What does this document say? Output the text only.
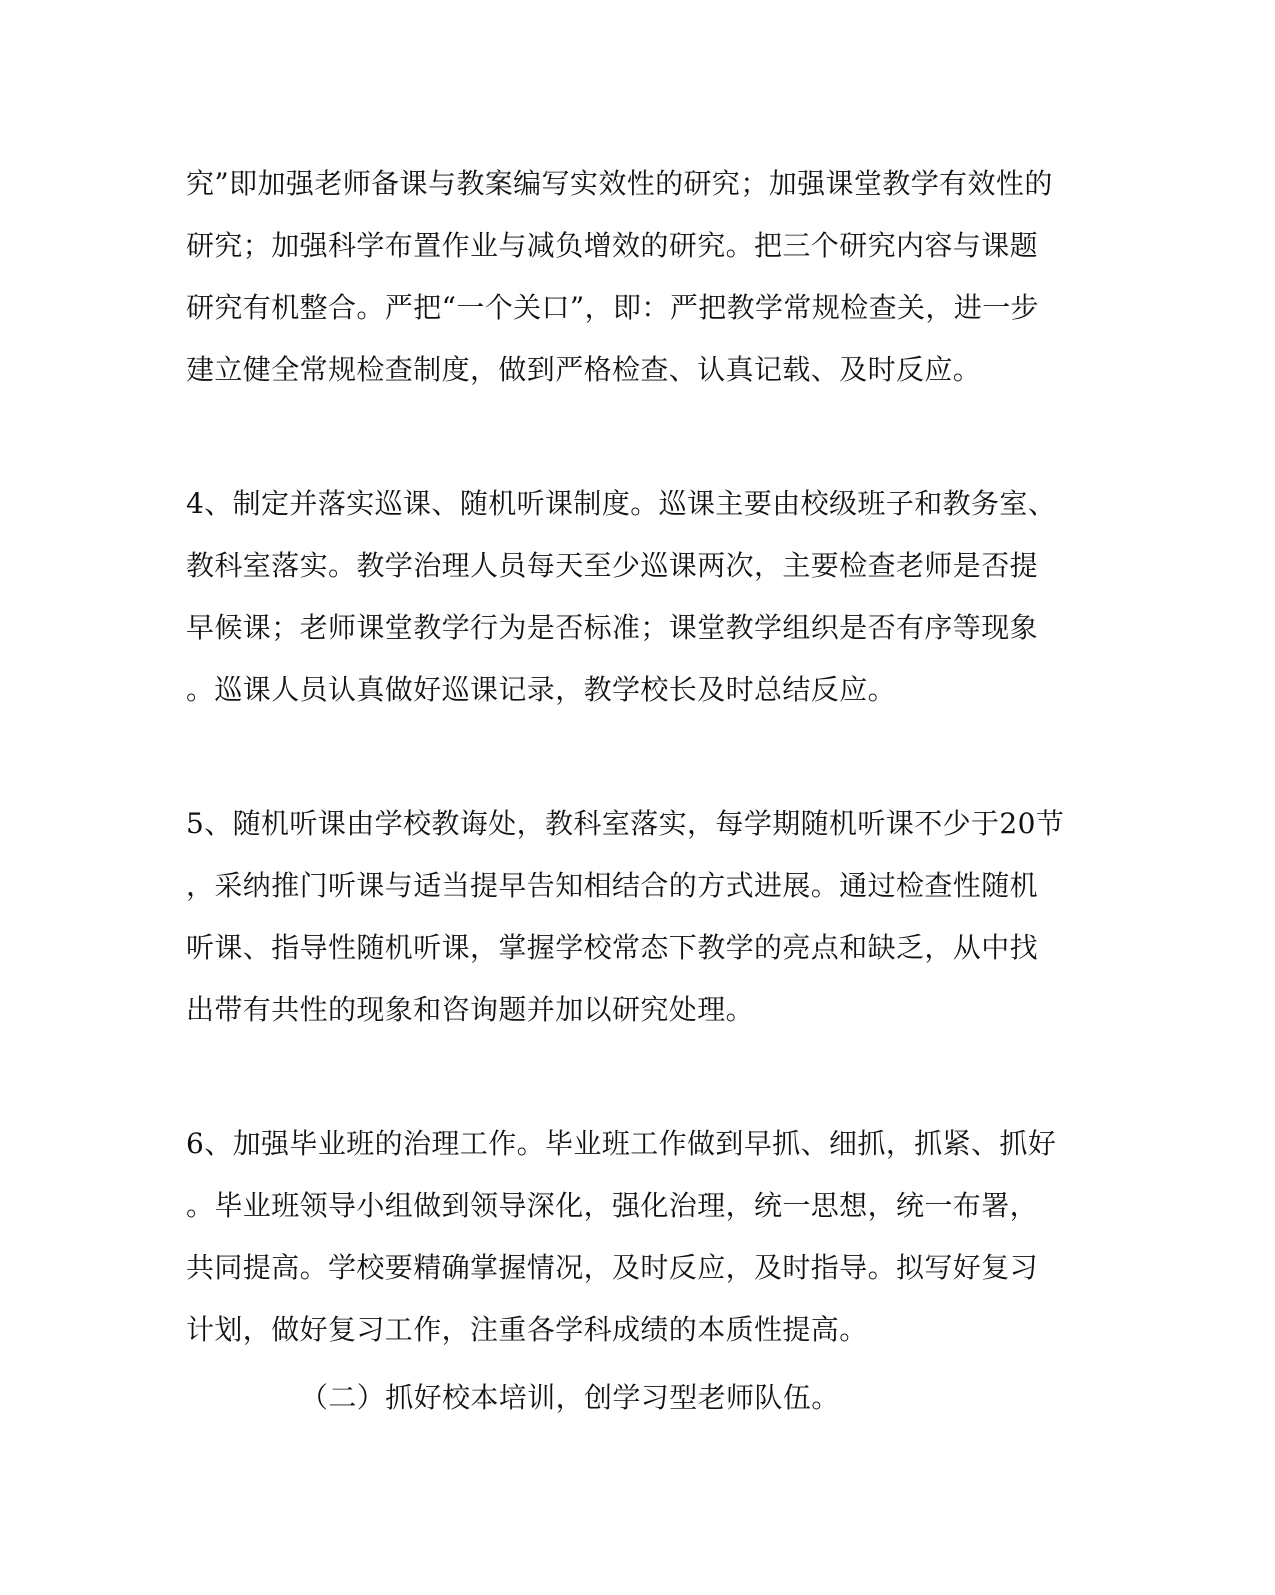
究”即加强老师备课与教案编写实效性的研究；加强课堂教学有效性的
研究；加强科学布置作业与减负增效的研究。把三个研究内容与课题
研究有机整合。严把“一个关口”，即：严把教学常规检查关，进一步
建立健全常规检查制度，做到严格检查、认真记载、及时反应。
4、制定并落实巡课、随机听课制度。巡课主要由校级班子和教务室、
教科室落实。教学治理人员每天至少巡课两次，主要检查老师是否提
早候课；老师课堂教学行为是否标准；课堂教学组织是否有序等现象
。巡课人员认真做好巡课记录，教学校长及时总结反应。
5、随机听课由学校教诲处，教科室落实，每学期随机听课不少于20节
，采纳推门听课与适当提早告知相结合的方式进展。通过检查性随机
听课、指导性随机听课，掌握学校常态下教学的亮点和缺乏，从中找
出带有共性的现象和咨询题并加以研究处理。
6、加强毕业班的治理工作。毕业班工作做到早抓、细抓，抓紧、抓好
。毕业班领导小组做到领导深化，强化治理，统一思想，统一布署，
共同提高。学校要精确掌握情况，及时反应，及时指导。拟写好复习
计划，做好复习工作，注重各学科成绩的本质性提高。
（二）抓好校本培训，创学习型老师队伍。
